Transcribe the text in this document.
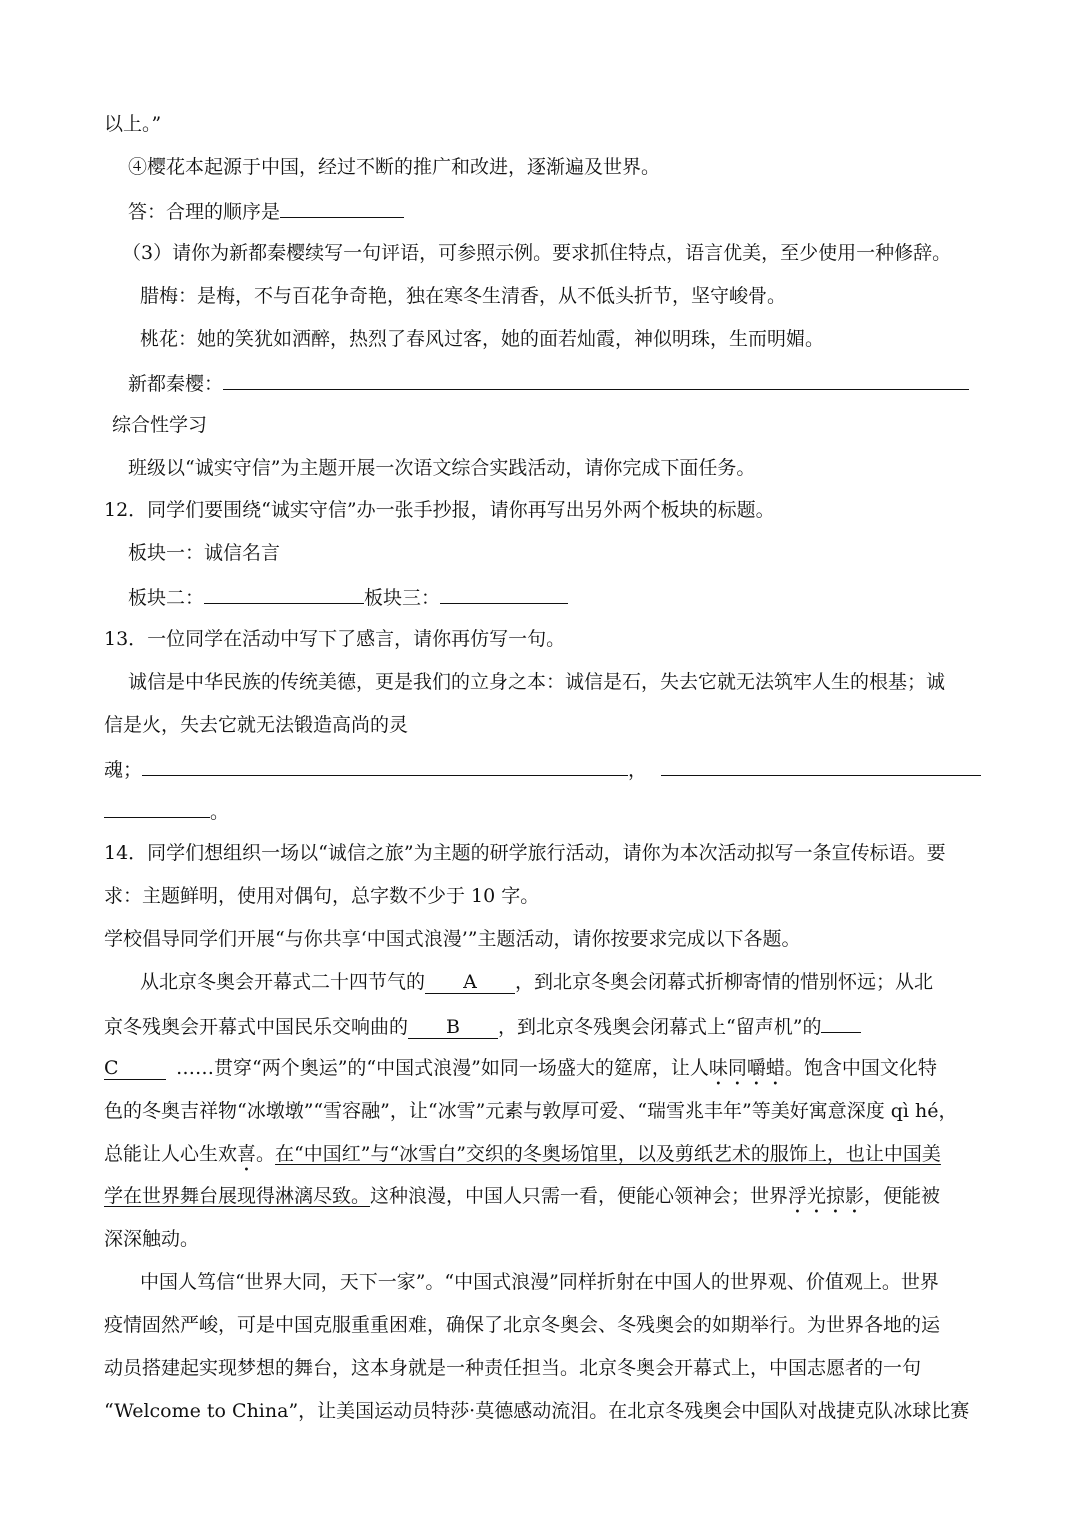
以上。”
④樱花本起源于中国，经过不断的推广和改进，逐渐遍及世界。
答：合理的顺序是
（3）请你为新都秦樱续写一句评语，可参照示例。要求抓住特点，语言优美，至少使用一种修辞。
腊梅：是梅，不与百花争奇艳，独在寒冬生清香，从不低头折节，坚守峻骨。
桃花：她的笑犹如洒醉，热烈了春风过客，她的面若灿霞，神似明珠，生而明媚。
新都秦樱：
综合性学习
班级以“诚实守信”为主题开展一次语文综合实践活动，请你完成下面任务。
12．同学们要围绕“诚实守信”办一张手抄报，请你再写出另外两个板块的标题。
板块一：诚信名言
板块二：	板块三：
13．一位同学在活动中写下了感言，请你再仿写一句。
诚信是中华民族的传统美德，更是我们的立身之本：诚信是石，失去它就无法筑牢人生的根基；诚
信是火，失去它就无法锻造高尚的灵
魂；	，
。
14．同学们想组织一场以“诚信之旅”为主题的研学旅行活动，请你为本次活动拟写一条宣传标语。要
求：主题鲜明，使用对偶句，总字数不少于 10 字。
学校倡导同学们开展“与你共享‘中国式浪漫’”主题活动，请你按要求完成以下各题。
从北京冬奥会开幕式二十四节气的 A ，到北京冬奥会闭幕式折柳寄情的惜别怀远；从北
京冬残奥会开幕式中国民乐交响曲的 B ，到北京冬残奥会闭幕式上“留声机”的
C	……贯穿“两个奥运”的“中国式浪漫”如同一场盛大的筵席，让人味同嚼蜡。饱含中国文化特
色的冬奥吉祥物“冰墩墩”“雪容融”，让“冰雪”元素与敦厚可爱、“瑞雪兆丰年”等美好寓意深度 qì hé，
总能让人心生欢喜。在“中国红”与“冰雪白”交织的冬奥场馆里，以及剪纸艺术的服饰上，也让中国美
学在世界舞台展现得淋漓尽致。这种浪漫，中国人只需一看，便能心领神会；世界浮光掠影，便能被
深深触动。
中国人笃信“世界大同，天下一家”。“中国式浪漫”同样折射在中国人的世界观、价值观上。世界
疫情固然严峻，可是中国克服重重困难，确保了北京冬奥会、冬残奥会的如期举行。为世界各地的运
动员搭建起实现梦想的舞台，这本身就是一种责任担当。北京冬奥会开幕式上，中国志愿者的一句
“Welcome to China”，让美国运动员特莎·莫德感动流泪。在北京冬残奥会中国队对战捷克队冰球比赛
